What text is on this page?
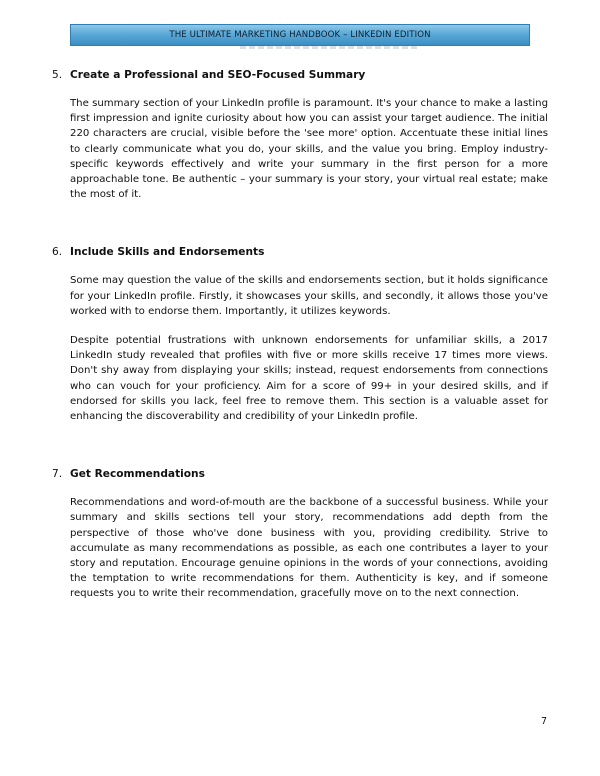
THE ULTIMATE MARKETING HANDBOOK – LINKEDIN EDITION
5. Create a Professional and SEO-Focused Summary

The summary section of your LinkedIn profile is paramount. It's your chance to make a lasting first impression and ignite curiosity about how you can assist your target audience. The initial 220 characters are crucial, visible before the 'see more' option. Accentuate these initial lines to clearly communicate what you do, your skills, and the value you bring. Employ industry-specific keywords effectively and write your summary in the first person for a more approachable tone. Be authentic – your summary is your story, your virtual real estate; make the most of it.

6. Include Skills and Endorsements

Some may question the value of the skills and endorsements section, but it holds significance for your LinkedIn profile. Firstly, it showcases your skills, and secondly, it allows those you've worked with to endorse them. Importantly, it utilizes keywords.

Despite potential frustrations with unknown endorsements for unfamiliar skills, a 2017 LinkedIn study revealed that profiles with five or more skills receive 17 times more views. Don't shy away from displaying your skills; instead, request endorsements from connections who can vouch for your proficiency. Aim for a score of 99+ in your desired skills, and if endorsed for skills you lack, feel free to remove them. This section is a valuable asset for enhancing the discoverability and credibility of your LinkedIn profile.

7. Get Recommendations

Recommendations and word-of-mouth are the backbone of a successful business. While your summary and skills sections tell your story, recommendations add depth from the perspective of those who've done business with you, providing credibility. Strive to accumulate as many recommendations as possible, as each one contributes a layer to your story and reputation. Encourage genuine opinions in the words of your connections, avoiding the temptation to write recommendations for them. Authenticity is key, and if someone requests you to write their recommendation, gracefully move on to the next connection.

7
